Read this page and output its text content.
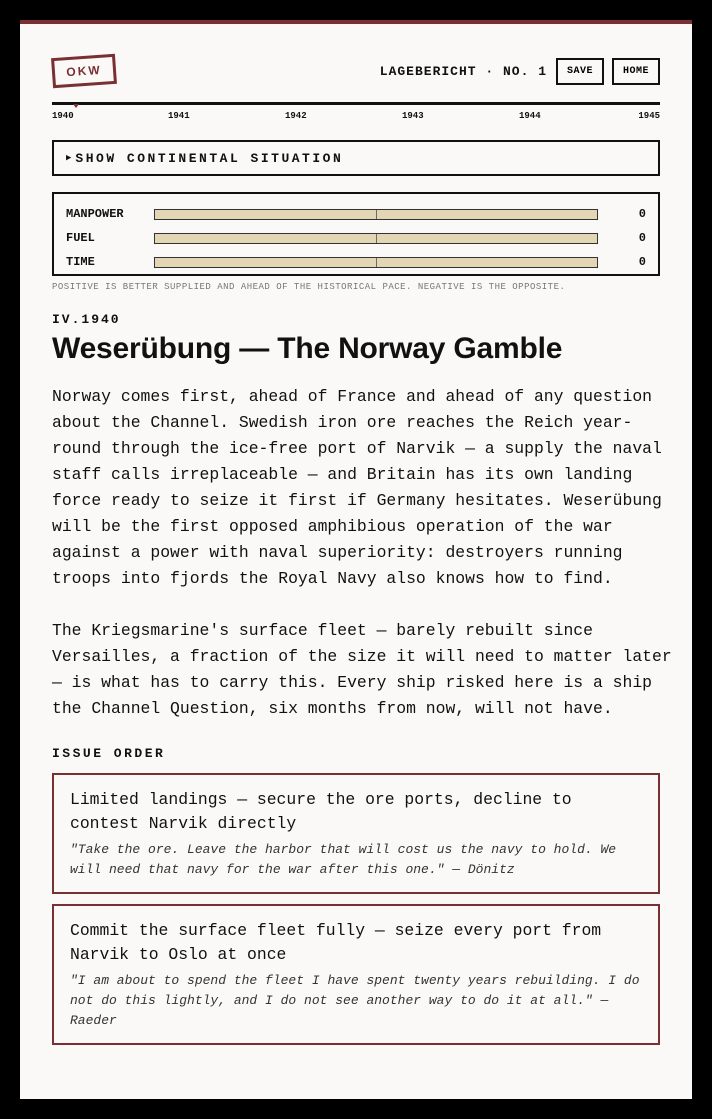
OKW	LAGEBERICHT · NO. 1	SAVE	HOME
1940	1941	1942	1943	1944	1945
▶ SHOW CONTINENTAL SITUATION
MANPOWER	0
FUEL	0
TIME	0
POSITIVE IS BETTER SUPPLIED AND AHEAD OF THE HISTORICAL PACE. NEGATIVE IS THE OPPOSITE.
IV.1940
Weserübung — The Norway Gamble

Norway comes first, ahead of France and ahead of any question about the Channel. Swedish iron ore reaches the Reich year-round through the ice-free port of Narvik — a supply the naval staff calls irreplaceable — and Britain has its own landing force ready to seize it first if Germany hesitates. Weserübung will be the first opposed amphibious operation of the war against a power with naval superiority: destroyers running troops into fjords the Royal Navy also knows how to find.

The Kriegsmarine's surface fleet — barely rebuilt since Versailles, a fraction of the size it will need to matter later — is what has to carry this. Every ship risked here is a ship the Channel Question, six months from now, will not have.

ISSUE ORDER
Limited landings — secure the ore ports, decline to contest Narvik directly
"Take the ore. Leave the harbor that will cost us the navy to hold. We will need that navy for the war after this one." — Dönitz
Commit the surface fleet fully — seize every port from Narvik to Oslo at once
"I am about to spend the fleet I have spent twenty years rebuilding. I do not do this lightly, and I do not see another way to do it at all." — Raeder
